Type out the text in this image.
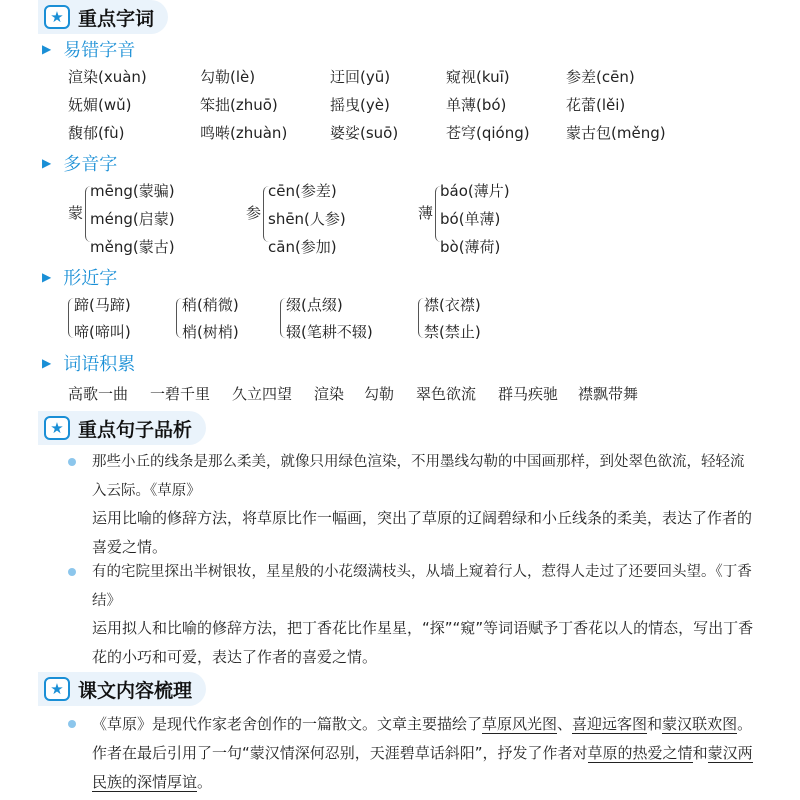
★ 重点字词
▶ 易错字音
渲染(xuàn)	勾勒(lè)	迂回(yū)	窥视(kuī)	参差(cēn)
妩媚(wǔ)	笨拙(zhuō)	摇曳(yè)	单薄(bó)	花蕾(lěi)
馥郁(fù)	鸣啭(zhuàn)	婆娑(suō)	苍穹(qióng) 蒙古包(měng)
▶ 多音字
蒙
mēng(蒙骗)
méng(启蒙)
měng(蒙古)
参
cēn(参差)
shēn(人参)
cān(参加)
薄
báo(薄片)
bó(单薄)
bò(薄荷)
▶ 形近字
蹄(马蹄)
啼(啼叫)
稍(稍微)
梢(树梢)
缀(点缀)
辍(笔耕不辍)
襟(衣襟)
禁(禁止)
▶ 词语积累
高歌一曲 一碧千里 久立四望 渲染 勾勒 翠色欲流 群马疾驰 襟飘带舞
★ 重点句子品析
那些小丘的线条是那么柔美，就像只用绿色渲染，不用墨线勾勒的中国画那样，到处翠色欲流，轻轻流入云际。《草原》
运用比喻的修辞方法，将草原比作一幅画，突出了草原的辽阔碧绿和小丘线条的柔美，表达了作者的喜爱之情。
有的宅院里探出半树银妆，星星般的小花缀满枝头，从墙上窥着行人，惹得人走过了还要回头望。《丁香结》
运用拟人和比喻的修辞方法，把丁香花比作星星，“探”“窥”等词语赋予丁香花以人的情态，写出丁香花的小巧和可爱，表达了作者的喜爱之情。
★ 课文内容梳理
《草原》是现代作家老舍创作的一篇散文。文章主要描绘了草原风光图、喜迎远客图和蒙汉联欢图。作者在最后引用了一句“蒙汉情深何忍别，天涯碧草话斜阳”，抒发了作者对草原的热爱之情和蒙汉两民族的深情厚谊。
